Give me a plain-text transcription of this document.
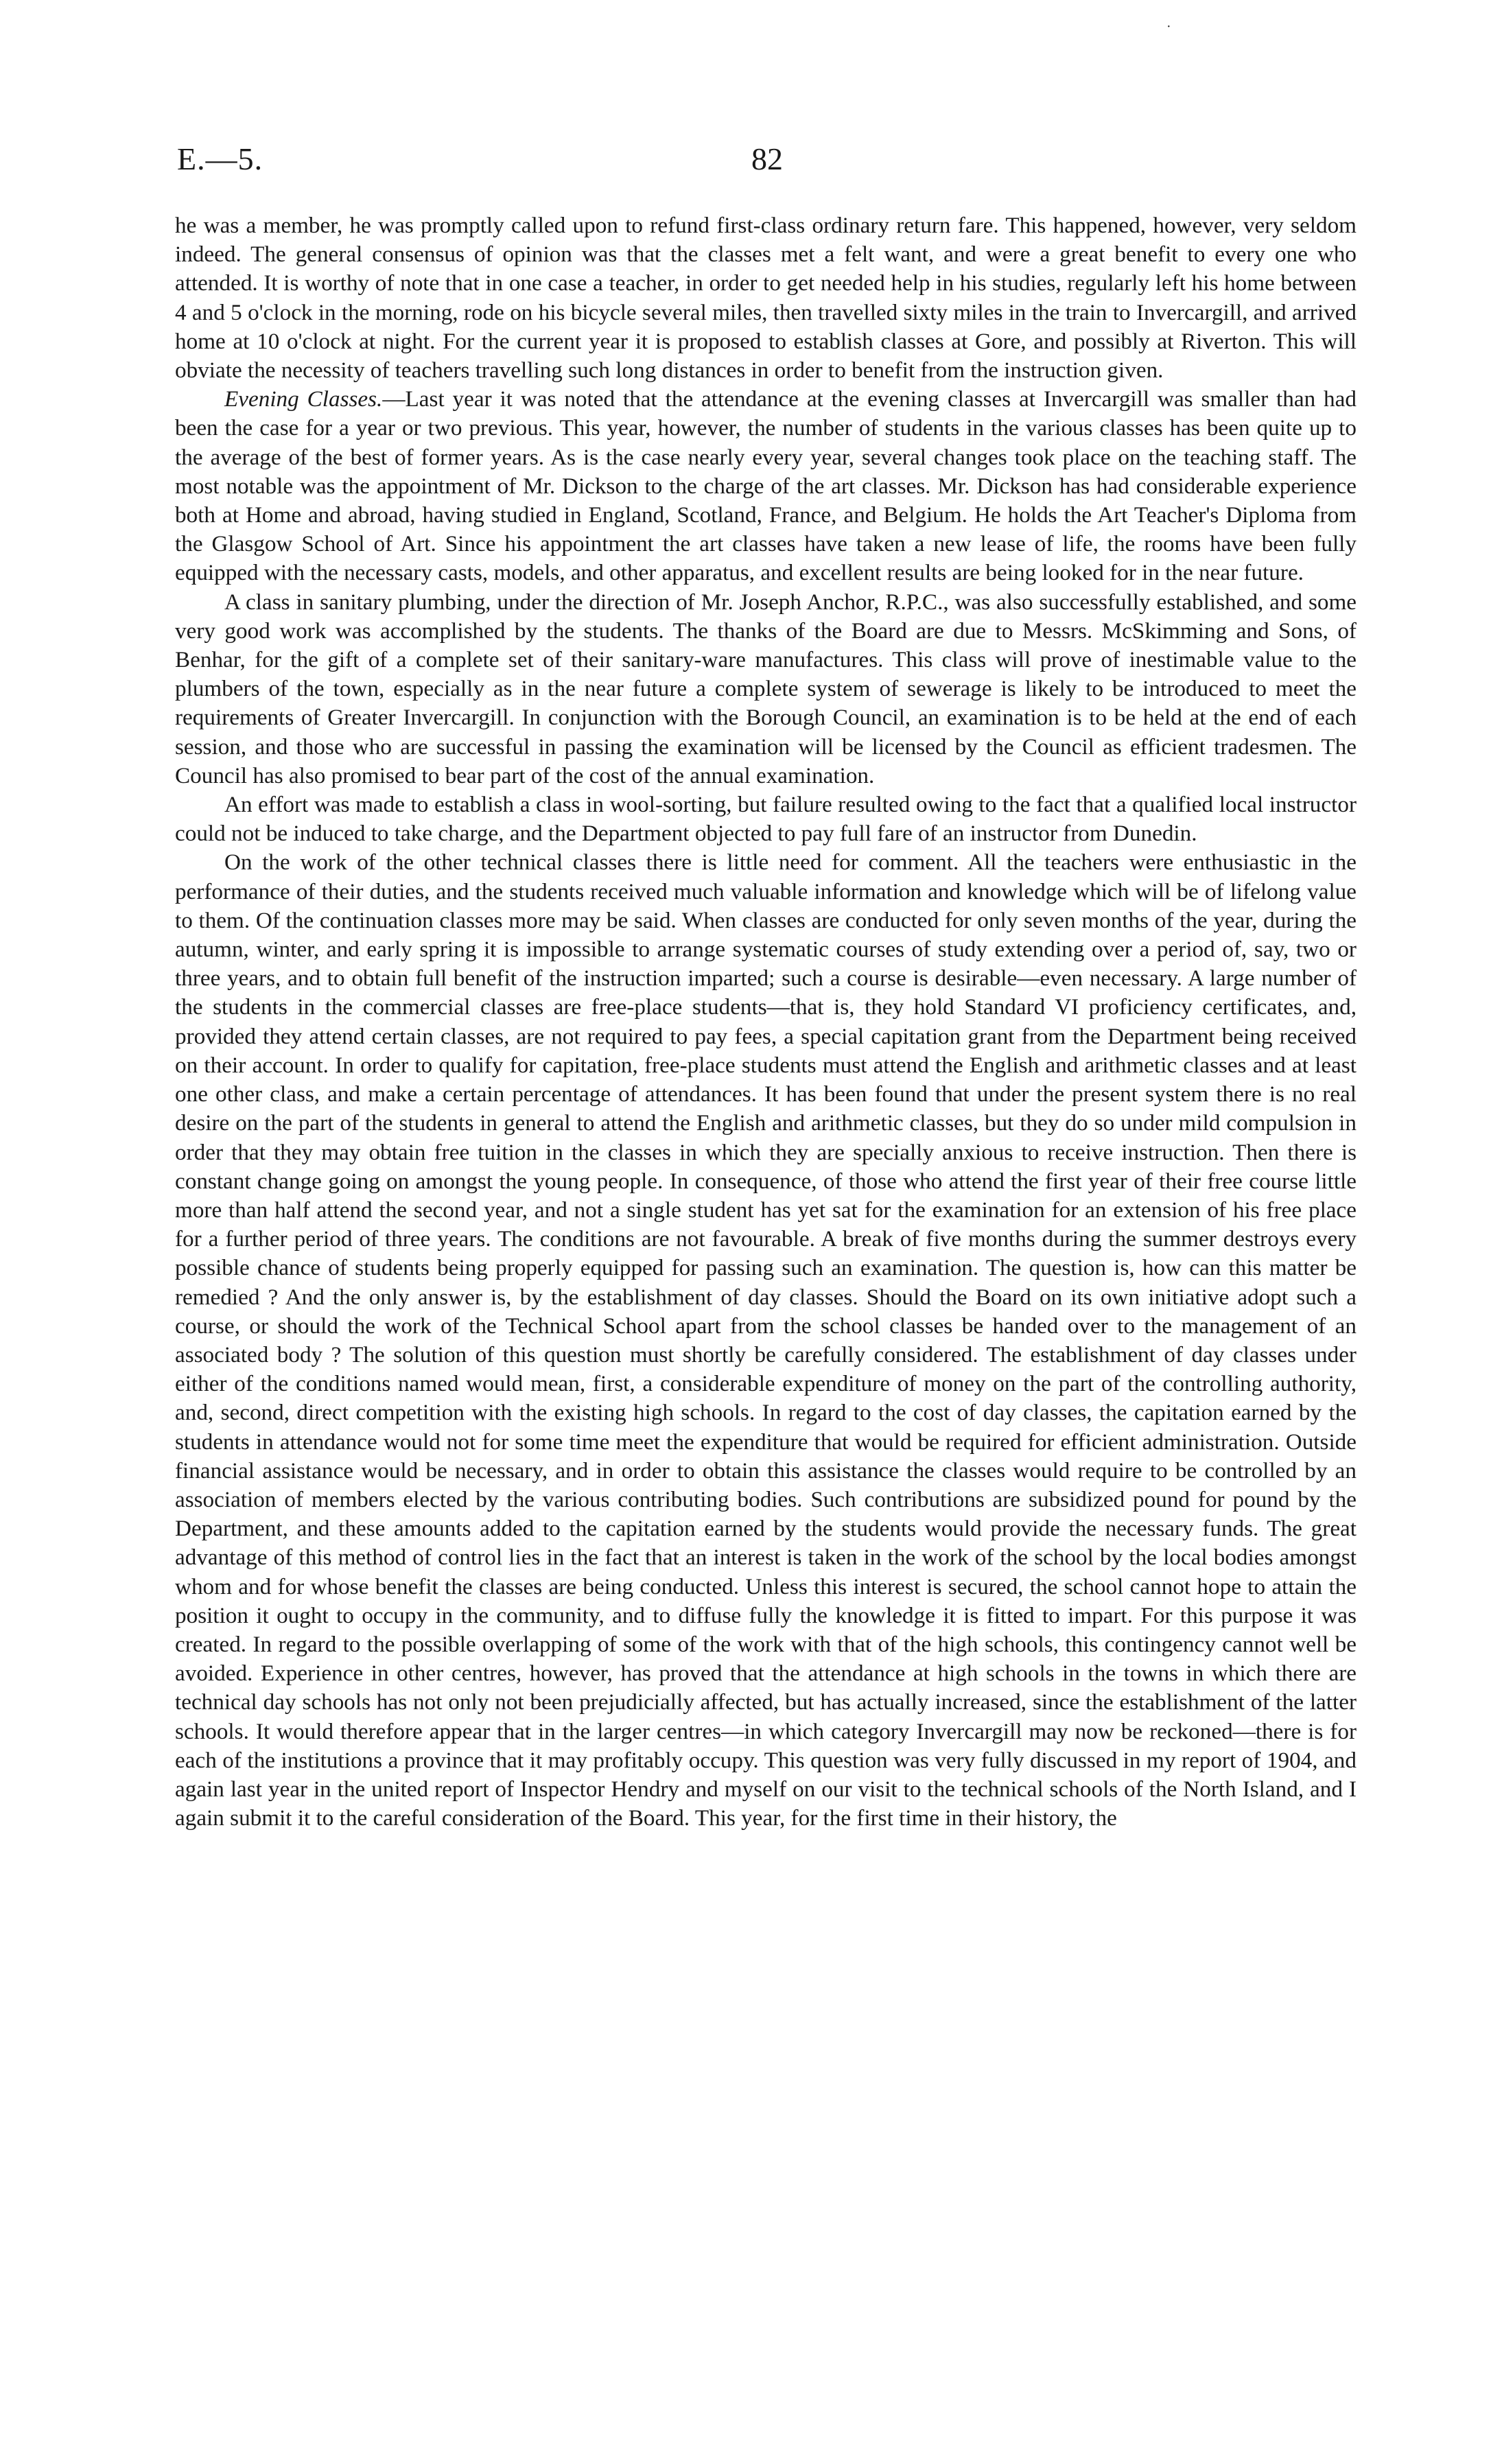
·
E.—5.	82

he was a member, he was promptly called upon to refund first-class ordinary return fare. This happened, however, very seldom indeed. The general consensus of opinion was that the classes met a felt want, and were a great benefit to every one who attended. It is worthy of note that in one case a teacher, in order to get needed help in his studies, regularly left his home between 4 and 5 o'clock in the morning, rode on his bicycle several miles, then travelled sixty miles in the train to Invercargill, and arrived home at 10 o'clock at night. For the current year it is proposed to establish classes at Gore, and possibly at Riverton. This will obviate the necessity of teachers travelling such long distances in order to benefit from the instruction given.

Evening Classes.—Last year it was noted that the attendance at the evening classes at Invercargill was smaller than had been the case for a year or two previous. This year, however, the number of students in the various classes has been quite up to the average of the best of former years. As is the case nearly every year, several changes took place on the teaching staff. The most notable was the appointment of Mr. Dickson to the charge of the art classes. Mr. Dickson has had considerable experience both at Home and abroad, having studied in England, Scotland, France, and Belgium. He holds the Art Teacher's Diploma from the Glasgow School of Art. Since his appointment the art classes have taken a new lease of life, the rooms have been fully equipped with the necessary casts, models, and other apparatus, and excellent results are being looked for in the near future.

A class in sanitary plumbing, under the direction of Mr. Joseph Anchor, R.P.C., was also successfully established, and some very good work was accomplished by the students. The thanks of the Board are due to Messrs. McSkimming and Sons, of Benhar, for the gift of a complete set of their sanitary-ware manufactures. This class will prove of inestimable value to the plumbers of the town, especially as in the near future a complete system of sewerage is likely to be introduced to meet the requirements of Greater Invercargill. In conjunction with the Borough Council, an examination is to be held at the end of each session, and those who are successful in passing the examination will be licensed by the Council as efficient tradesmen. The Council has also promised to bear part of the cost of the annual examination.

An effort was made to establish a class in wool-sorting, but failure resulted owing to the fact that a qualified local instructor could not be induced to take charge, and the Department objected to pay full fare of an instructor from Dunedin.

On the work of the other technical classes there is little need for comment. All the teachers were enthusiastic in the performance of their duties, and the students received much valuable information and knowledge which will be of lifelong value to them. Of the continuation classes more may be said. When classes are conducted for only seven months of the year, during the autumn, winter, and early spring it is impossible to arrange systematic courses of study extending over a period of, say, two or three years, and to obtain full benefit of the instruction imparted; such a course is desirable—even necessary. A large number of the students in the commercial classes are free-place students—that is, they hold Standard VI proficiency certificates, and, provided they attend certain classes, are not required to pay fees, a special capitation grant from the Department being received on their account. In order to qualify for capitation, free-place students must attend the English and arithmetic classes and at least one other class, and make a certain percentage of attendances. It has been found that under the present system there is no real desire on the part of the students in general to attend the English and arithmetic classes, but they do so under mild compulsion in order that they may obtain free tuition in the classes in which they are specially anxious to receive instruction. Then there is constant change going on amongst the young people. In consequence, of those who attend the first year of their free course little more than half attend the second year, and not a single student has yet sat for the examination for an extension of his free place for a further period of three years. The conditions are not favourable. A break of five months during the summer destroys every possible chance of students being properly equipped for passing such an examination. The question is, how can this matter be remedied ? And the only answer is, by the establishment of day classes. Should the Board on its own initiative adopt such a course, or should the work of the Technical School apart from the school classes be handed over to the management of an associated body ? The solution of this question must shortly be carefully considered. The establishment of day classes under either of the conditions named would mean, first, a considerable expenditure of money on the part of the controlling authority, and, second, direct competition with the existing high schools. In regard to the cost of day classes, the capitation earned by the students in attendance would not for some time meet the expenditure that would be required for efficient administration. Outside financial assistance would be necessary, and in order to obtain this assistance the classes would require to be controlled by an association of members elected by the various contributing bodies. Such contributions are subsidized pound for pound by the Department, and these amounts added to the capitation earned by the students would provide the necessary funds. The great advantage of this method of control lies in the fact that an interest is taken in the work of the school by the local bodies amongst whom and for whose benefit the classes are being conducted. Unless this interest is secured, the school cannot hope to attain the position it ought to occupy in the community, and to diffuse fully the knowledge it is fitted to impart. For this purpose it was created. In regard to the possible overlapping of some of the work with that of the high schools, this contingency cannot well be avoided. Experience in other centres, however, has proved that the attendance at high schools in the towns in which there are technical day schools has not only not been prejudicially affected, but has actually increased, since the establishment of the latter schools. It would therefore appear that in the larger centres—in which category Invercargill may now be reckoned—there is for each of the institutions a province that it may profitably occupy. This question was very fully discussed in my report of 1904, and again last year in the united report of Inspector Hendry and myself on our visit to the technical schools of the North Island, and I again submit it to the careful consideration of the Board. This year, for the first time in their history, the
